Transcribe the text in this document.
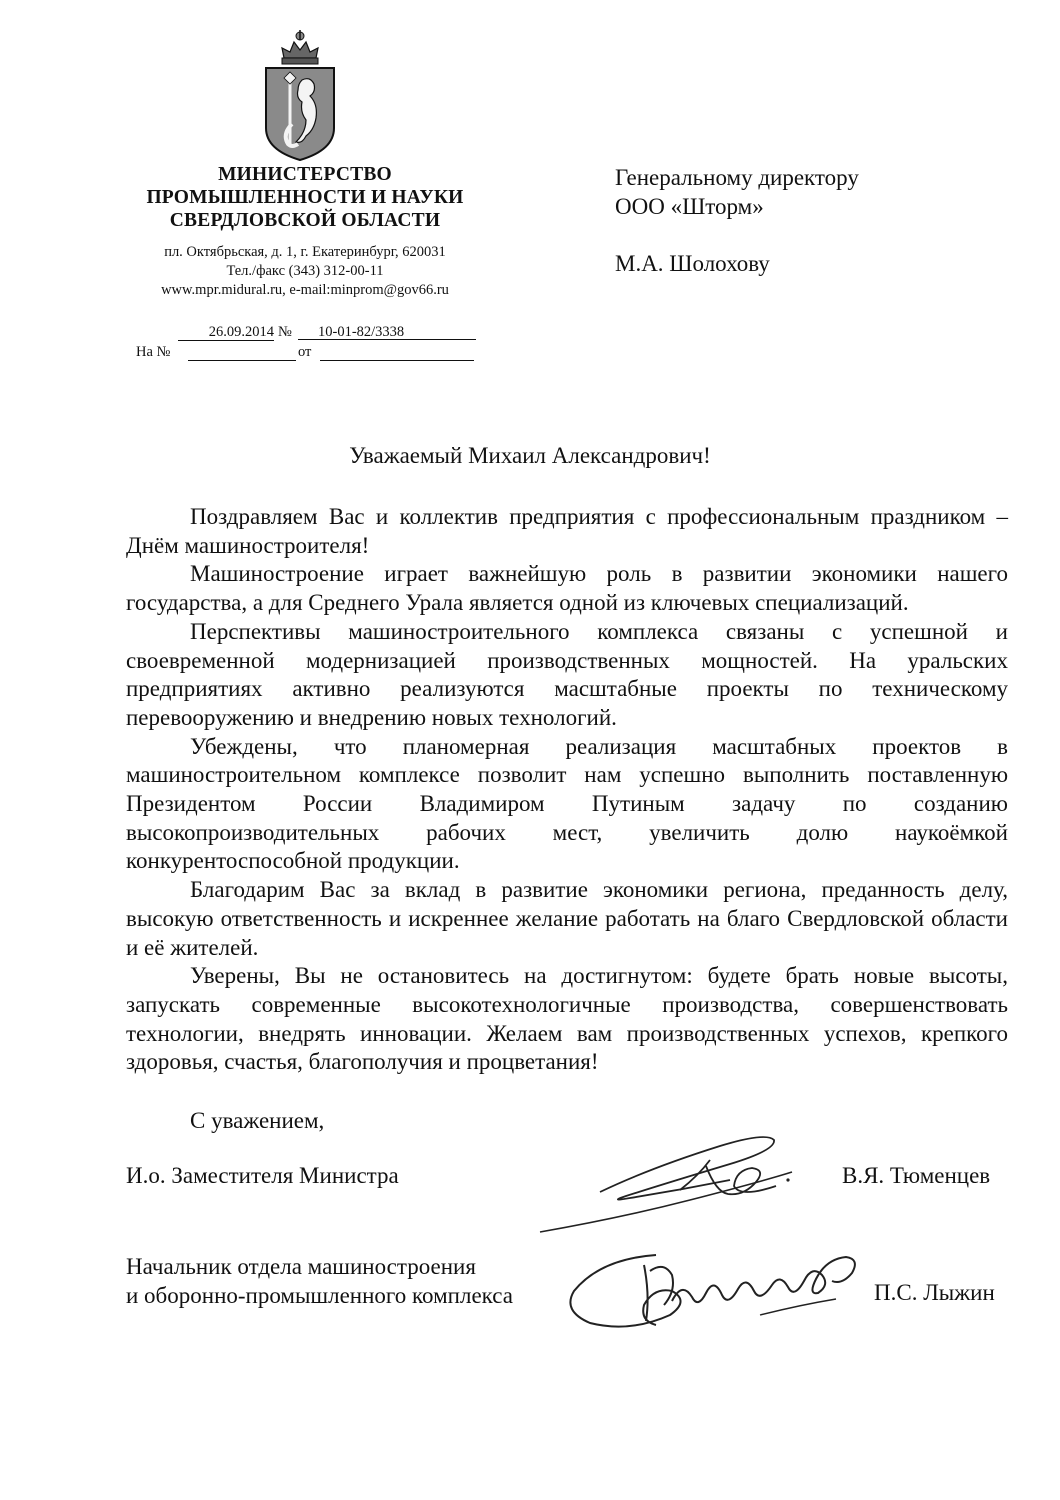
МИНИСТЕРСТВО
ПРОМЫШЛЕННОСТИ И НАУКИ
СВЕРДЛОВСКОЙ ОБЛАСТИ
пл. Октябрьская, д. 1, г. Екатеринбург, 620031
Тел./факс (343) 312-00-11
www.mpr.midural.ru, e-mail:minprom@gov66.ru
26.09.2014 №	10-01-82/3338
На №	от
Генеральному директору
ООО «Шторм»
М.А. Шолохову
Уважаемый Михаил Александрович!

Поздравляем Вас и коллектив предприятия с профессиональным праздником – Днём машиностроителя!

Машиностроение играет важнейшую роль в развитии экономики нашего государства, а для Среднего Урала является одной из ключевых специализаций.

Перспективы машиностроительного комплекса связаны с успешной и своевременной модернизацией производственных мощностей. На уральских предприятиях активно реализуются масштабные проекты по техническому перевооружению и внедрению новых технологий.

Убеждены, что планомерная реализация масштабных проектов в машиностроительном комплексе позволит нам успешно выполнить поставленную Президентом России Владимиром Путиным задачу по созданию высокопроизводительных рабочих мест, увеличить долю наукоёмкой конкурентоспособной продукции.

Благодарим Вас за вклад в развитие экономики региона, преданность делу, высокую ответственность и искреннее желание работать на благо Свердловской области и её жителей.

Уверены, Вы не остановитесь на достигнутом: будете брать новые высоты, запускать современные высокотехнологичные производства, совершенствовать технологии, внедрять инновации. Желаем вам производственных успехов, крепкого здоровья, счастья, благополучия и процветания!

С уважением,
И.о. Заместителя Министра	В.Я. Тюменцев
Начальник отдела машиностроения
и оборонно-промышленного комплекса	П.С. Лыжин
